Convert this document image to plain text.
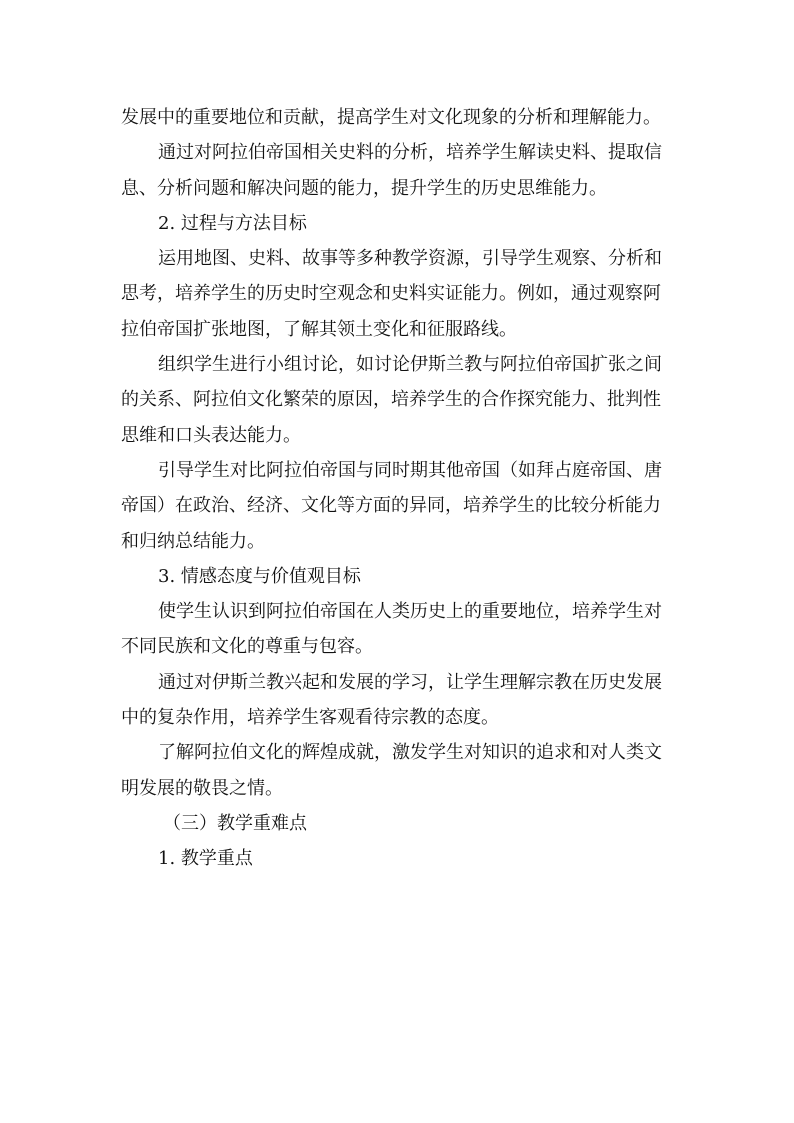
发展中的重要地位和贡献，提高学生对文化现象的分析和理解能力。
通过对阿拉伯帝国相关史料的分析，培养学生解读史料、提取信
息、分析问题和解决问题的能力，提升学生的历史思维能力。
2. 过程与方法目标
运用地图、史料、故事等多种教学资源，引导学生观察、分析和
思考，培养学生的历史时空观念和史料实证能力。例如，通过观察阿
拉伯帝国扩张地图，了解其领土变化和征服路线。
组织学生进行小组讨论，如讨论伊斯兰教与阿拉伯帝国扩张之间
的关系、阿拉伯文化繁荣的原因，培养学生的合作探究能力、批判性
思维和口头表达能力。
引导学生对比阿拉伯帝国与同时期其他帝国（如拜占庭帝国、唐
帝国）在政治、经济、文化等方面的异同，培养学生的比较分析能力
和归纳总结能力。
3. 情感态度与价值观目标
使学生认识到阿拉伯帝国在人类历史上的重要地位，培养学生对
不同民族和文化的尊重与包容。
通过对伊斯兰教兴起和发展的学习，让学生理解宗教在历史发展
中的复杂作用，培养学生客观看待宗教的态度。
了解阿拉伯文化的辉煌成就，激发学生对知识的追求和对人类文
明发展的敬畏之情。
（三）教学重难点
1. 教学重点
